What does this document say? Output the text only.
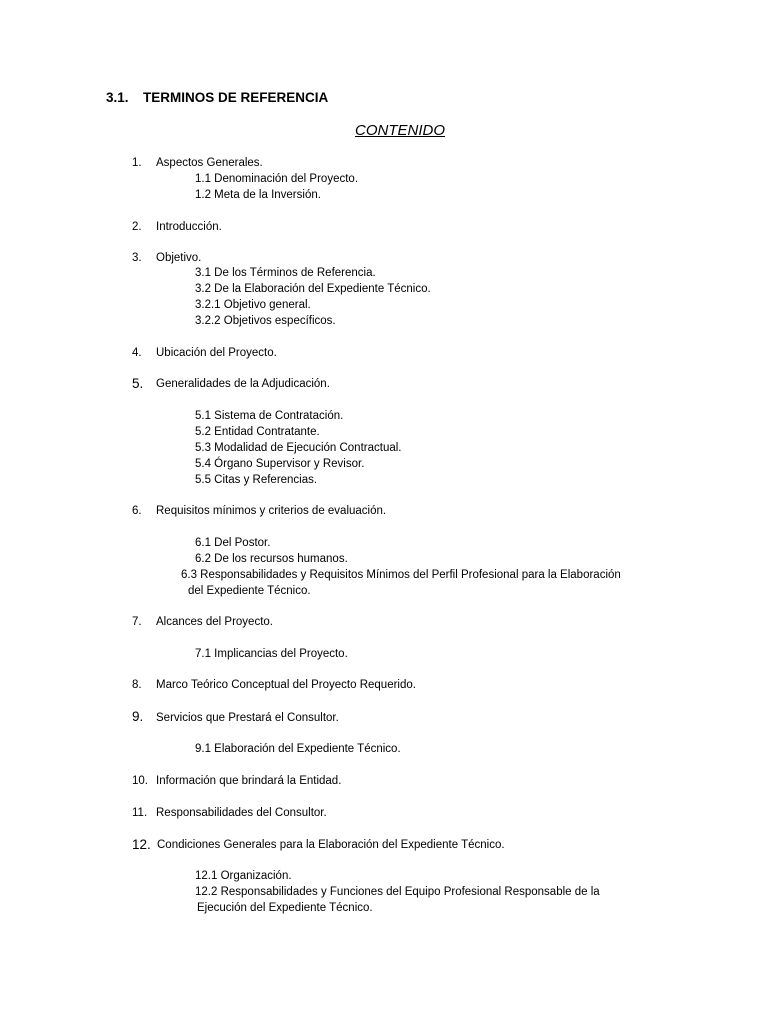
3.1. TERMINOS DE REFERENCIA
CONTENIDO
1. Aspectos Generales.
1.1 Denominación del Proyecto.
1.2 Meta de la Inversión.
2. Introducción.
3. Objetivo.
3.1 De los Términos de Referencia.
3.2 De la Elaboración del Expediente Técnico.
3.2.1 Objetivo general.
3.2.2 Objetivos específicos.
4. Ubicación del Proyecto.
5. Generalidades de la Adjudicación.
5.1 Sistema de Contratación.
5.2 Entidad Contratante.
5.3 Modalidad de Ejecución Contractual.
5.4 Órgano Supervisor y Revisor.
5.5 Citas y Referencias.
6. Requisitos mínimos y criterios de evaluación.
6.1 Del Postor.
6.2 De los recursos humanos.
6.3 Responsabilidades y Requisitos Mínimos del Perfil Profesional para la Elaboración
del Expediente Técnico.
7. Alcances del Proyecto.
7.1 Implicancias del Proyecto.
8. Marco Teórico Conceptual del Proyecto Requerido.
9. Servicios que Prestará el Consultor.
9.1 Elaboración del Expediente Técnico.
10. Información que brindará la Entidad.
11. Responsabilidades del Consultor.
12. Condiciones Generales para la Elaboración del Expediente Técnico.
12.1 Organización.
12.2 Responsabilidades y Funciones del Equipo Profesional Responsable de la
Ejecución del Expediente Técnico.
